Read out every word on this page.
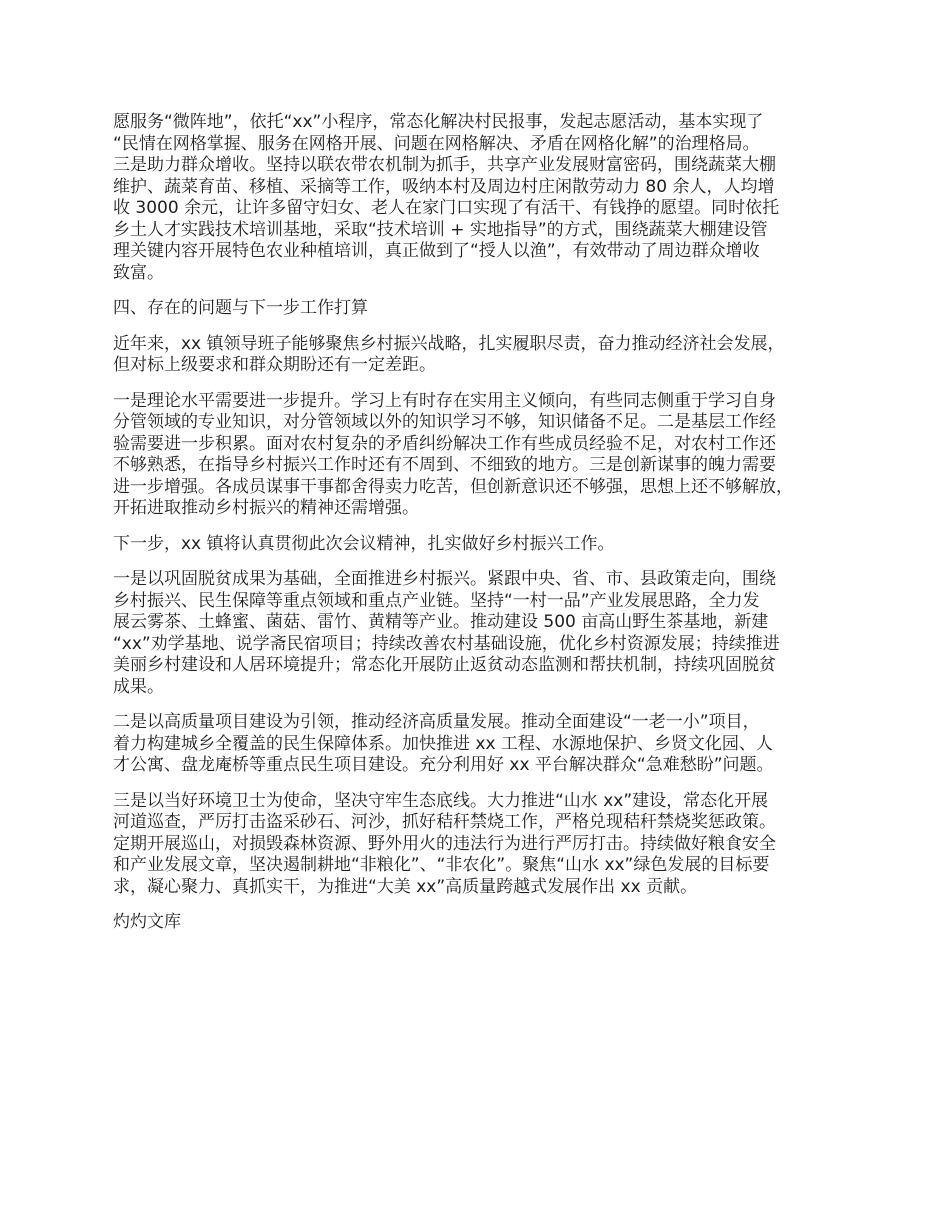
愿服务“微阵地”，依托“xx”小程序，常态化解决村民报事，发起志愿活动，基本实现了
“民情在网格掌握、服务在网格开展、问题在网格解决、矛盾在网格化解”的治理格局。
三是助力群众增收。坚持以联农带农机制为抓手，共享产业发展财富密码，围绕蔬菜大棚
维护、蔬菜育苗、移植、采摘等工作，吸纳本村及周边村庄闲散劳动力 80 余人，人均增
收 3000 余元，让许多留守妇女、老人在家门口实现了有活干、有钱挣的愿望。同时依托
乡土人才实践技术培训基地，采取“技术培训 + 实地指导”的方式，围绕蔬菜大棚建设管
理关键内容开展特色农业种植培训，真正做到了“授人以渔”，有效带动了周边群众增收
致富。

四、存在的问题与下一步工作打算

近年来，xx 镇领导班子能够聚焦乡村振兴战略，扎实履职尽责，奋力推动经济社会发展，
但对标上级要求和群众期盼还有一定差距。

一是理论水平需要进一步提升。学习上有时存在实用主义倾向，有些同志侧重于学习自身
分管领域的专业知识，对分管领域以外的知识学习不够，知识储备不足。二是基层工作经
验需要进一步积累。面对农村复杂的矛盾纠纷解决工作有些成员经验不足，对农村工作还
不够熟悉，在指导乡村振兴工作时还有不周到、不细致的地方。三是创新谋事的魄力需要
进一步增强。各成员谋事干事都舍得卖力吃苦，但创新意识还不够强，思想上还不够解放，
开拓进取推动乡村振兴的精神还需增强。

下一步，xx 镇将认真贯彻此次会议精神，扎实做好乡村振兴工作。

一是以巩固脱贫成果为基础，全面推进乡村振兴。紧跟中央、省、市、县政策走向，围绕
乡村振兴、民生保障等重点领域和重点产业链。坚持“一村一品”产业发展思路，全力发
展云雾茶、土蜂蜜、菌菇、雷竹、黄精等产业。推动建设 500 亩高山野生茶基地，新建
“xx”劝学基地、说学斋民宿项目；持续改善农村基础设施，优化乡村资源发展；持续推进
美丽乡村建设和人居环境提升；常态化开展防止返贫动态监测和帮扶机制，持续巩固脱贫
成果。

二是以高质量项目建设为引领，推动经济高质量发展。推动全面建设“一老一小”项目，
着力构建城乡全覆盖的民生保障体系。加快推进 xx 工程、水源地保护、乡贤文化园、人
才公寓、盘龙庵桥等重点民生项目建设。充分利用好 xx 平台解决群众“急难愁盼”问题。

三是以当好环境卫士为使命，坚决守牢生态底线。大力推进“山水 xx”建设，常态化开展
河道巡查，严厉打击盗采砂石、河沙，抓好秸秆禁烧工作，严格兑现秸秆禁烧奖惩政策。
定期开展巡山，对损毁森林资源、野外用火的违法行为进行严厉打击。持续做好粮食安全
和产业发展文章，坚决遏制耕地“非粮化”、“非农化”。聚焦“山水 xx”绿色发展的目标要
求，凝心聚力、真抓实干，为推进“大美 xx”高质量跨越式发展作出 xx 贡献。

灼灼文库
